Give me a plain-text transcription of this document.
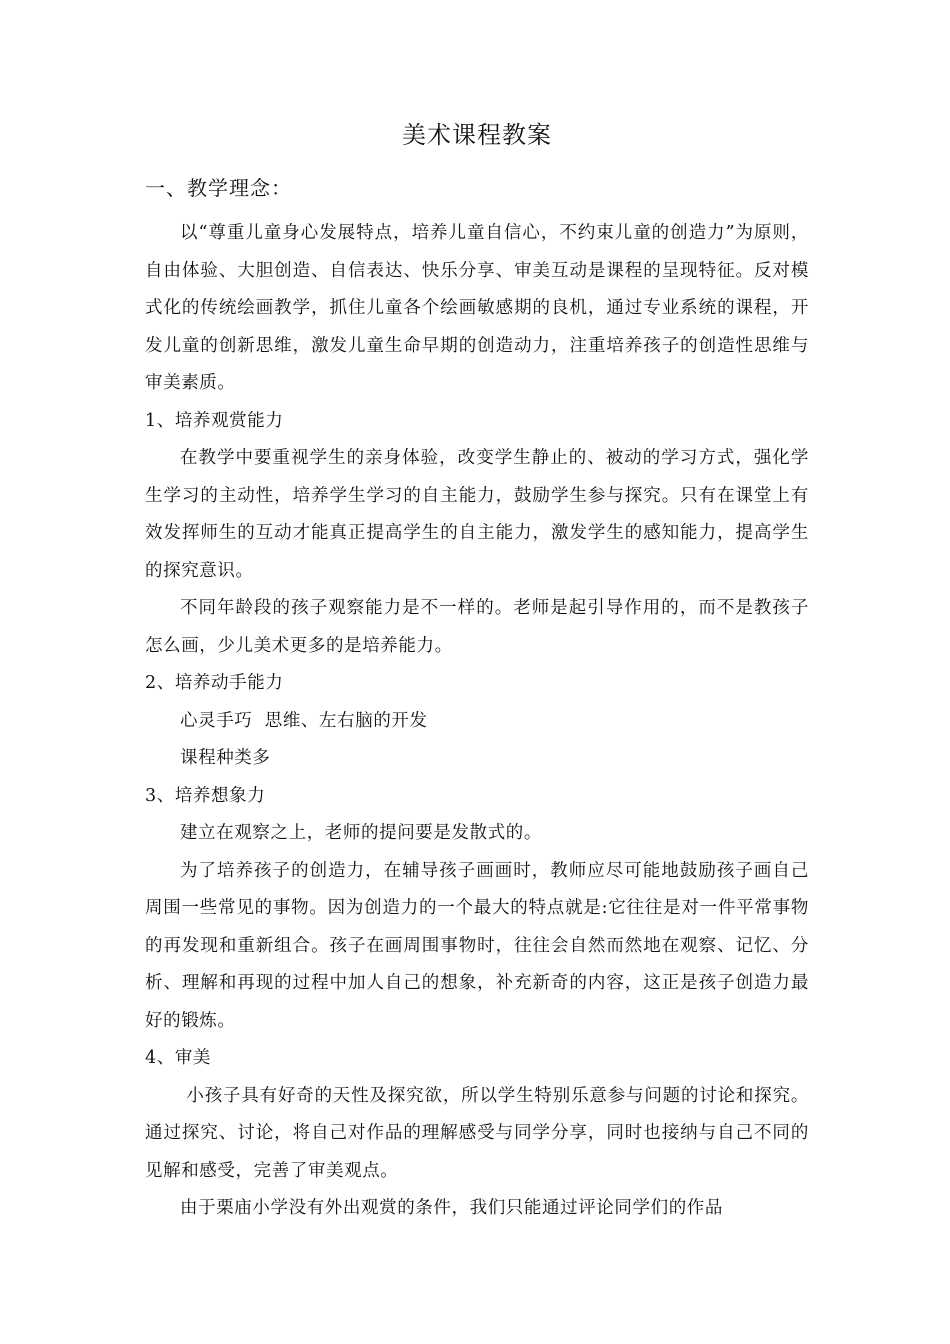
美术课程教案
一、教学理念：

以“尊重儿童身心发展特点，培养儿童自信心，不约束儿童的创造力”为原则，自由体验、大胆创造、自信表达、快乐分享、审美互动是课程的呈现特征。反对模式化的传统绘画教学，抓住儿童各个绘画敏感期的良机，通过专业系统的课程，开发儿童的创新思维，激发儿童生命早期的创造动力，注重培养孩子的创造性思维与审美素质。

1、培养观赏能力

在教学中要重视学生的亲身体验，改变学生静止的、被动的学习方式，强化学生学习的主动性，培养学生学习的自主能力，鼓励学生参与探究。只有在课堂上有效发挥师生的互动才能真正提高学生的自主能力，激发学生的感知能力，提高学生的探究意识。

不同年龄段的孩子观察能力是不一样的。老师是起引导作用的，而不是教孩子怎么画，少儿美术更多的是培养能力。

2、培养动手能力

心灵手巧  思维、左右脑的开发

课程种类多

3、培养想象力

建立在观察之上，老师的提问要是发散式的。

为了培养孩子的创造力，在辅导孩子画画时，教师应尽可能地鼓励孩子画自己周围一些常见的事物。因为创造力的一个最大的特点就是:它往往是对一件平常事物的再发现和重新组合。孩子在画周围事物时，往往会自然而然地在观察、记忆、分析、理解和再现的过程中加人自己的想象，补充新奇的内容，这正是孩子创造力最好的锻炼。

4、审美

小孩子具有好奇的天性及探究欲，所以学生特别乐意参与问题的讨论和探究。通过探究、讨论，将自己对作品的理解感受与同学分享，同时也接纳与自己不同的见解和感受，完善了审美观点。

由于栗庙小学没有外出观赏的条件，我们只能通过评论同学们的作品
